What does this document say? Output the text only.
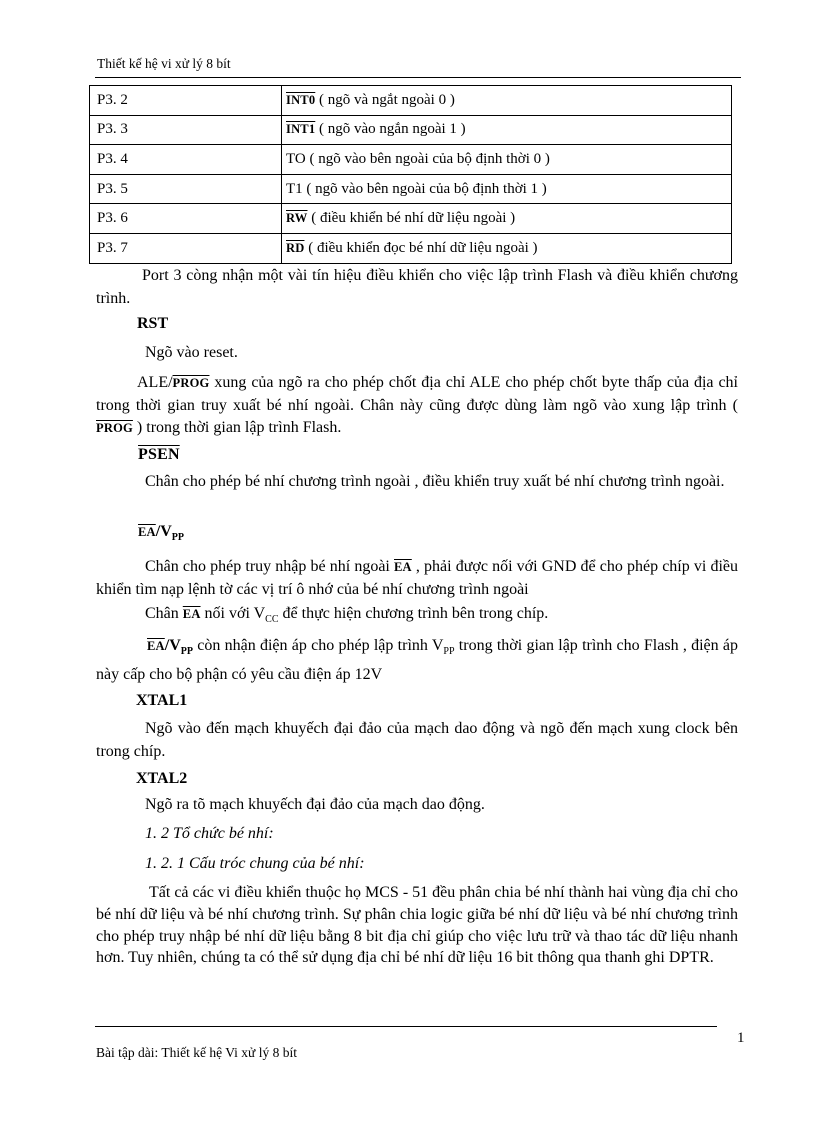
Thiết kế hệ vi xử lý 8 bít
P3. 2	INT0 ( ngõ và ngắt ngoài 0 )
P3. 3	INT1 ( ngõ vào ngắn ngoài 1 )
P3. 4	TO ( ngõ vào bên ngoài của bộ định thời 0 )
P3. 5	T1 ( ngõ vào bên ngoài của bộ định thời 1 )
P3. 6	$\overline{RW}$ ( điều khiển bé nhí dữ liệu ngoài )
P3. 7	$\overline{RD}$ ( điều khiển đọc bé nhí dữ liệu ngoài )
Port 3 còng nhận một vài tín hiệu điều khiển cho việc lập trình Flash và điều khiển chương trình.
RST
Ngõ vào reset.
ALE/PROG xung của ngõ ra cho phép chốt địa chỉ ALE cho phép chốt byte thấp của địa chỉ trong thời gian truy xuất bé nhí ngoài. Chân này cũng được dùng làm ngõ vào xung lập trình ( PROG ) trong thời gian lập trình Flash.
PSEN
Chân cho phép bé nhí chương trình ngoài , điều khiển truy xuất bé nhí chương trình ngoài.
$\overline{EA}/V_{PP}$
Chân cho phép truy nhập bé nhí ngoài $\overline{EA}$ , phải được nối với GND để cho phép chíp vi điều khiển tìm nạp lệnh tờ các vị trí ô nhớ của bé nhí chương trình ngoài
Chân $\overline{EA}$ nối với $V_{CC}$ để thực hiện chương trình bên trong chíp.
$\overline{EA}/V_{PP}$ còn nhận điện áp cho phép lập trình $V_{PP}$ trong thời gian lập trình cho Flash , điện áp này cấp cho bộ phận có yêu cầu điện áp 12V
XTAL1
Ngõ vào đến mạch khuyếch đại đảo của mạch dao động và ngõ đến mạch xung clock bên trong chíp.
XTAL2
Ngõ ra tõ mạch khuyếch đại đảo của mạch dao động.
1. 2 Tổ chức bé nhí:
1. 2. 1 Cấu tróc chung của bé nhí:
Tất cả các vi điều khiển thuộc họ MCS - 51 đều phân chia bé nhí thành hai vùng địa chỉ cho bé nhí dữ liệu và bé nhí chương trình. Sự phân chia logic giữa bé nhí dữ liệu và bé nhí chương trình cho phép truy nhập bé nhí dữ liệu bằng 8 bit địa chỉ giúp cho việc lưu trữ và thao tác dữ liệu nhanh hơn. Tuy nhiên, chúng ta có thể sử dụng địa chỉ bé nhí dữ liệu 16 bit thông qua thanh ghi DPTR.
1
Bài tập dài: Thiết kế hệ Vi xử lý 8 bít
